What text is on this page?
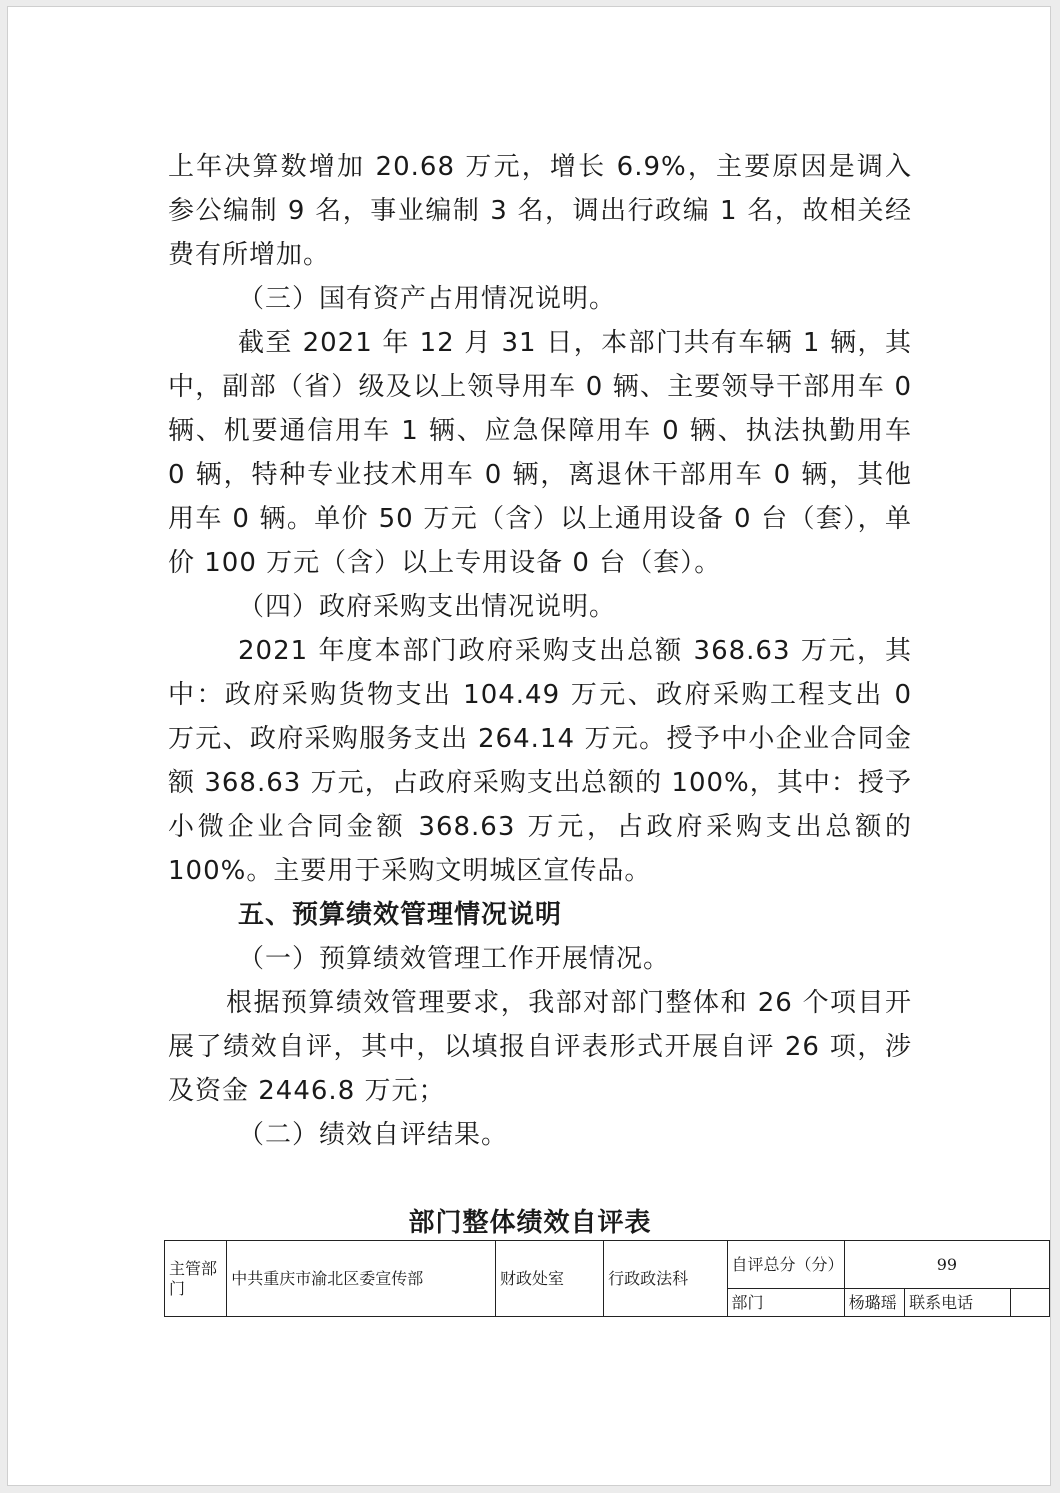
上年决算数增加 20.68 万元，增长 6.9%，主要原因是调入参公编制 9 名，事业编制 3 名，调出行政编 1 名，故相关经费有所增加。

（三）国有资产占用情况说明。

截至 2021 年 12 月 31 日，本部门共有车辆 1 辆，其中，副部（省）级及以上领导用车 0 辆、主要领导干部用车 0 辆、机要通信用车 1 辆、应急保障用车 0 辆、执法执勤用车 0 辆，特种专业技术用车 0 辆，离退休干部用车 0 辆，其他用车 0 辆。单价 50 万元（含）以上通用设备 0 台（套），单价 100 万元（含）以上专用设备 0 台（套）。

（四）政府采购支出情况说明。

2021 年度本部门政府采购支出总额 368.63 万元，其中：政府采购货物支出 104.49 万元、政府采购工程支出 0 万元、政府采购服务支出 264.14 万元。授予中小企业合同金额 368.63 万元，占政府采购支出总额的 100%，其中：授予小微企业合同金额 368.63 万元，占政府采购支出总额的 100%。主要用于采购文明城区宣传品。

五、预算绩效管理情况说明

（一）预算绩效管理工作开展情况。

根据预算绩效管理要求，我部对部门整体和 26 个项目开展了绩效自评，其中，以填报自评表形式开展自评 26 项，涉及资金 2446.8 万元；

（二）绩效自评结果。

部门整体绩效自评表
主管部门	中共重庆市渝北区委宣传部	财政处室	行政政法科	自评总分（分）	99		
				部门	杨璐瑶	联系电话	
